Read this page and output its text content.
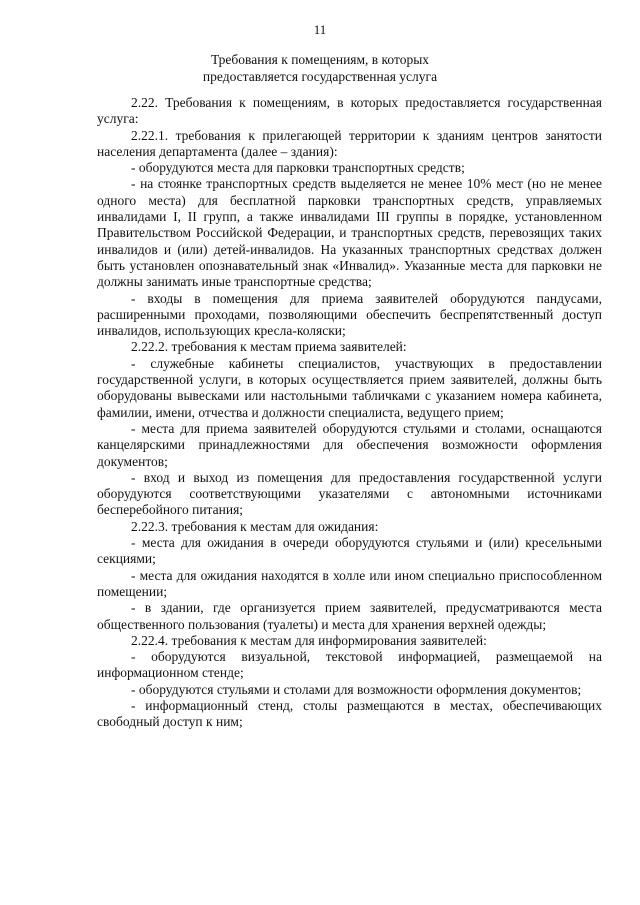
11
Требования к помещениям, в которых
предоставляется государственная услуга

2.22. Требования к помещениям, в которых предоставляется государственная услуга:

2.22.1. требования к прилегающей территории к зданиям центров занятости населения департамента (далее – здания):

- оборудуются места для парковки транспортных средств;

- на стоянке транспортных средств выделяется не менее 10% мест (но не менее одного места) для бесплатной парковки транспортных средств, управляемых инвалидами I, II групп, а также инвалидами III группы в порядке, установленном Правительством Российской Федерации, и транспортных средств, перевозящих таких инвалидов и (или) детей-инвалидов. На указанных транспортных средствах должен быть установлен опознавательный знак «Инвалид». Указанные места для парковки не должны занимать иные транспортные средства;

- входы в помещения для приема заявителей оборудуются пандусами, расширенными проходами, позволяющими обеспечить беспрепятственный доступ инвалидов, использующих кресла-коляски;

2.22.2. требования к местам приема заявителей:

- служебные кабинеты специалистов, участвующих в предоставлении государственной услуги, в которых осуществляется прием заявителей, должны быть оборудованы вывесками или настольными табличками с указанием номера кабинета, фамилии, имени, отчества и должности специалиста, ведущего прием;

- места для приема заявителей оборудуются стульями и столами, оснащаются канцелярскими принадлежностями для обеспечения возможности оформления документов;

- вход и выход из помещения для предоставления государственной услуги оборудуются соответствующими указателями с автономными источниками бесперебойного питания;

2.22.3. требования к местам для ожидания:

- места для ожидания в очереди оборудуются стульями и (или) кресельными секциями;

- места для ожидания находятся в холле или ином специально приспособленном помещении;

- в здании, где организуется прием заявителей, предусматриваются места общественного пользования (туалеты) и места для хранения верхней одежды;

2.22.4. требования к местам для информирования заявителей:

- оборудуются визуальной, текстовой информацией, размещаемой на информационном стенде;

- оборудуются стульями и столами для возможности оформления документов;

- информационный стенд, столы размещаются в местах, обеспечивающих свободный доступ к ним;
